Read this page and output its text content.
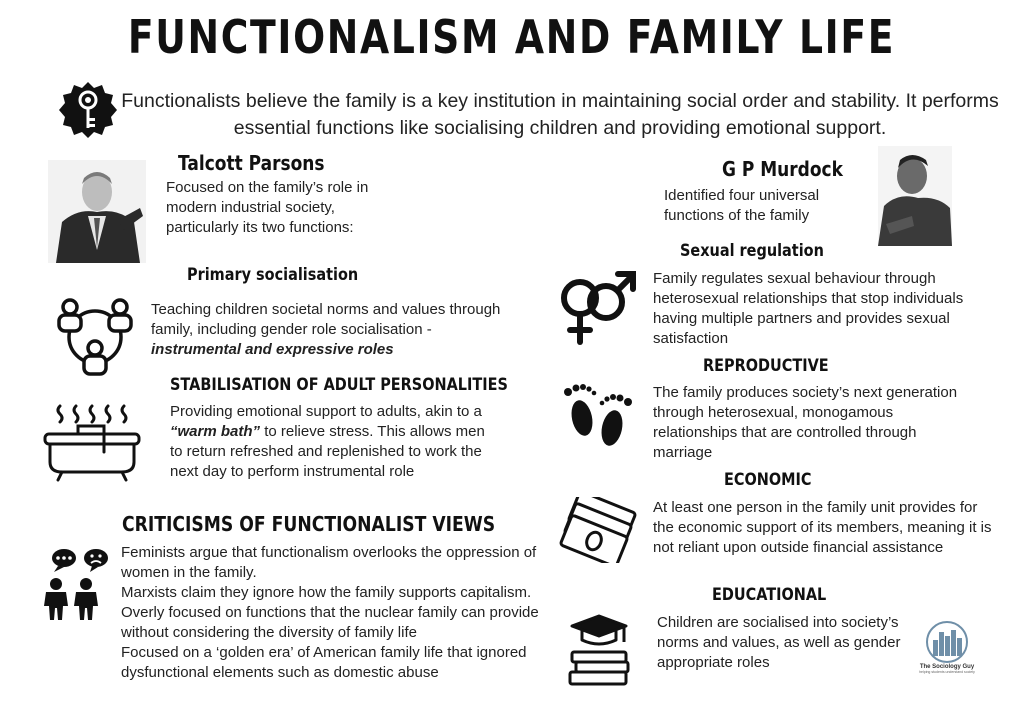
FUNCTIONALISM AND FAMILY LIFE
Functionalists believe the family is a key institution in maintaining social order and stability. It performs essential functions like socialising children and providing emotional support.
Talcott Parsons
Focused on the family’s role in modern industrial society, particularly its two functions:
Primary socialisation
Teaching children societal norms and values through family, including gender role socialisation - instrumental and expressive roles
STABILISATION OF ADULT PERSONALITIES
Providing emotional support to adults, akin to a “warm bath” to relieve stress. This allows men to return refreshed and replenished to work the next day to perform instrumental role
CRITICISMS OF FUNCTIONALIST VIEWS
Feminists argue that functionalism overlooks the oppression of women in the family.
Marxists claim they ignore how the family supports capitalism.
Overly focused on functions that the nuclear family can provide without considering the diversity of family life
Focused on a ‘golden era’ of American family life that ignored dysfunctional elements such as domestic abuse
G P Murdock
Identified four universal functions of the family
Sexual regulation
Family regulates sexual behaviour through heterosexual relationships that stop individuals having multiple partners and provides sexual satisfaction
REPRODUCTIVE
The family produces society’s next generation through heterosexual, monogamous relationships that are controlled through marriage
ECONOMIC
At least one person in the family unit provides for the economic support of its members, meaning it is not reliant upon outside financial assistance
EDUCATIONAL
Children are socialised into society’s norms and values, as well as gender appropriate roles	The Sociology Guy
helping students understand society
